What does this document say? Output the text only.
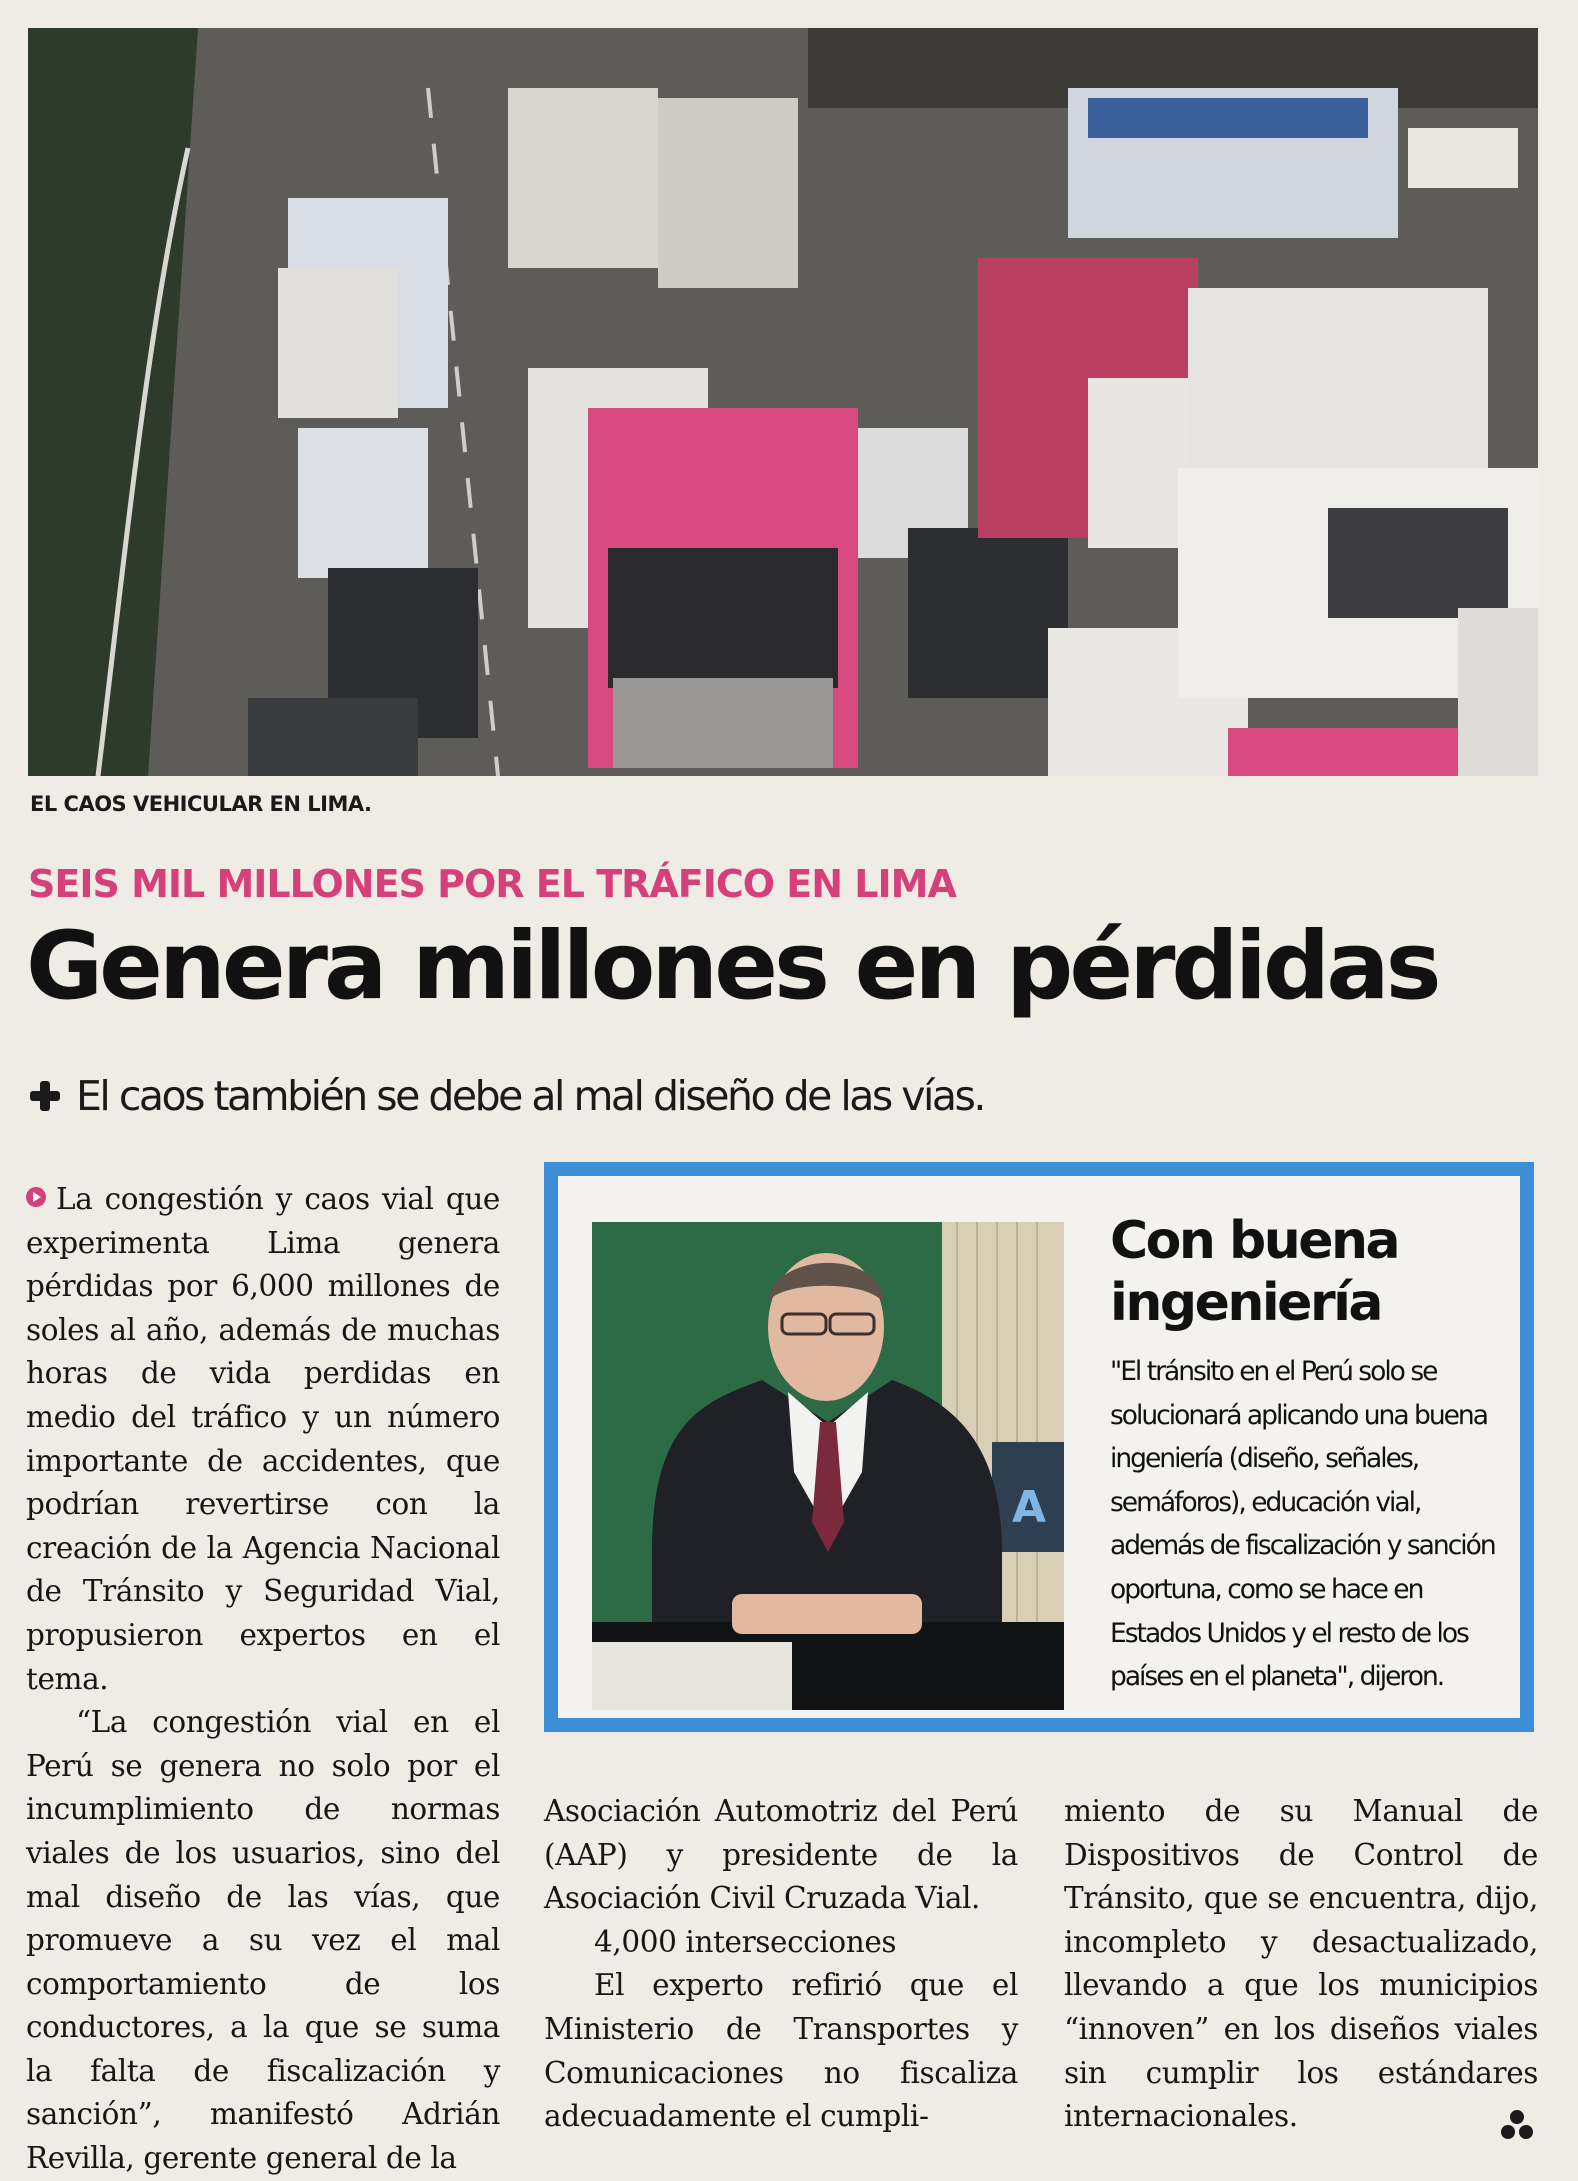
EL CAOS VEHICULAR EN LIMA.
SEIS MIL MILLONES POR EL TRÁFICO EN LIMA
Genera millones en pérdidas
El caos también se debe al mal diseño de las vías.

La congestión y caos vial que experimenta Lima genera pérdidas por 6,000 millones de soles al año, además de muchas horas de vida perdidas en medio del tráfico y un número importante de accidentes, que podrían revertirse con la creación de la Agencia Nacional de Tránsito y Seguridad Vial, propusieron expertos en el tema.

“La congestión vial en el Perú se genera no solo por el incumplimiento de normas viales de los usuarios, sino del mal diseño de las vías, que promueve a su vez el mal comportamiento de los conductores, a la que se suma la falta de fiscalización y sanción”, manifestó Adrián Revilla, gerente general de la

A
Con buena ingeniería
"El tránsito en el Perú solo se solucionará aplicando una buena ingeniería (diseño, señales, semáforos), educación vial, además de fiscalización y sanción oportuna, como se hace en Estados Unidos y el resto de los países en el planeta", dijeron.

Asociación Automotriz del Perú (AAP) y presidente de la Asociación Civil Cruzada Vial.

4,000 intersecciones

El experto refirió que el Ministerio de Transportes y Comunicaciones no fiscaliza adecuadamente el cumpli-

miento de su Manual de Dispositivos de Control de Tránsito, que se encuentra, dijo, incompleto y desactualizado, llevando a que los municipios “innoven” en los diseños viales sin cumplir los estándares internacionales.
